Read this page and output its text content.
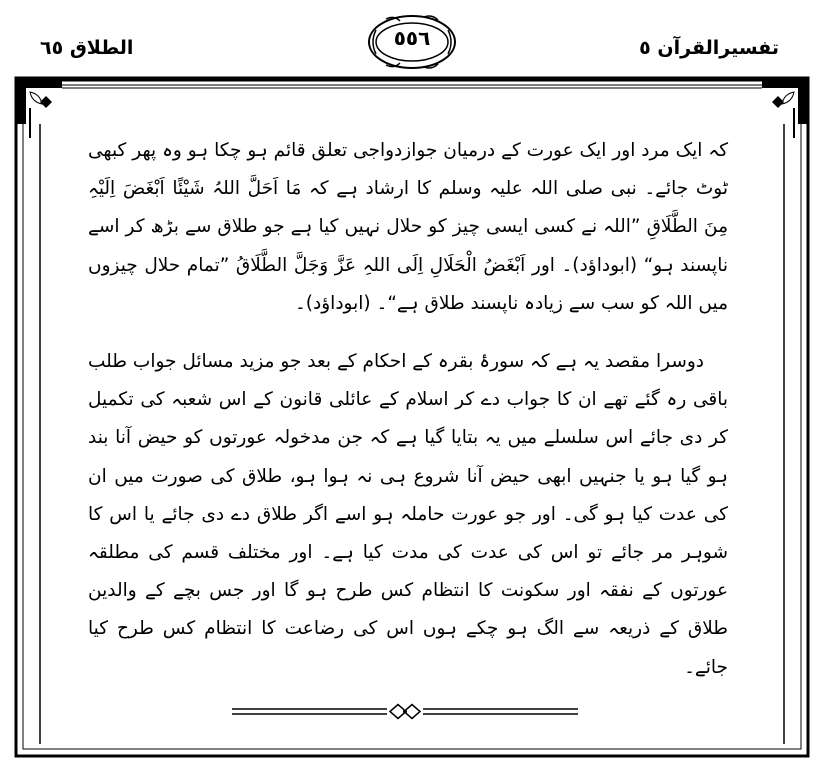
الطلاق ٦٥	٥٥٦	تفسیرالقرآن ٥

کہ ایک مرد اور ایک عورت کے درمیان جوازدواجی تعلق قائم ہو چکا ہو وہ پھر کبھی ٹوٹ جائے۔ نبی صلی اللہ علیہ وسلم کا ارشاد ہے کہ مَا اَحَلَّ اللہُ شَیْئًا اَبْغَضَ اِلَیْہِ مِنَ الطَّلَاقِ ”اللہ نے کسی ایسی چیز کو حلال نہیں کیا ہے جو طلاق سے بڑھ کر اسے ناپسند ہو“ (ابوداؤد)۔ اور اَبْغَضُ الْحَلَالِ اِلَی اللہِ عَزَّ وَجَلَّ الطَّلَاقُ ”تمام حلال چیزوں میں اللہ کو سب سے زیادہ ناپسند طلاق ہے“۔ (ابوداؤد)۔

دوسرا مقصد یہ ہے کہ سورۂ بقرہ کے احکام کے بعد جو مزید مسائل جواب طلب باقی رہ گئے تھے ان کا جواب دے کر اسلام کے عائلی قانون کے اس شعبہ کی تکمیل کر دی جائے اس سلسلے میں یہ بتایا گیا ہے کہ جن مدخولہ عورتوں کو حیض آنا بند ہو گیا ہو یا جنہیں ابھی حیض آنا شروع ہی نہ ہوا ہو، طلاق کی صورت میں ان کی عدت کیا ہو گی۔ اور جو عورت حاملہ ہو اسے اگر طلاق دے دی جائے یا اس کا شوہر مر جائے تو اس کی عدت کی مدت کیا ہے۔ اور مختلف قسم کی مطلقہ عورتوں کے نفقہ اور سکونت کا انتظام کس طرح ہو گا اور جس بچے کے والدین طلاق کے ذریعہ سے الگ ہو چکے ہوں اس کی رضاعت کا انتظام کس طرح کیا جائے۔
